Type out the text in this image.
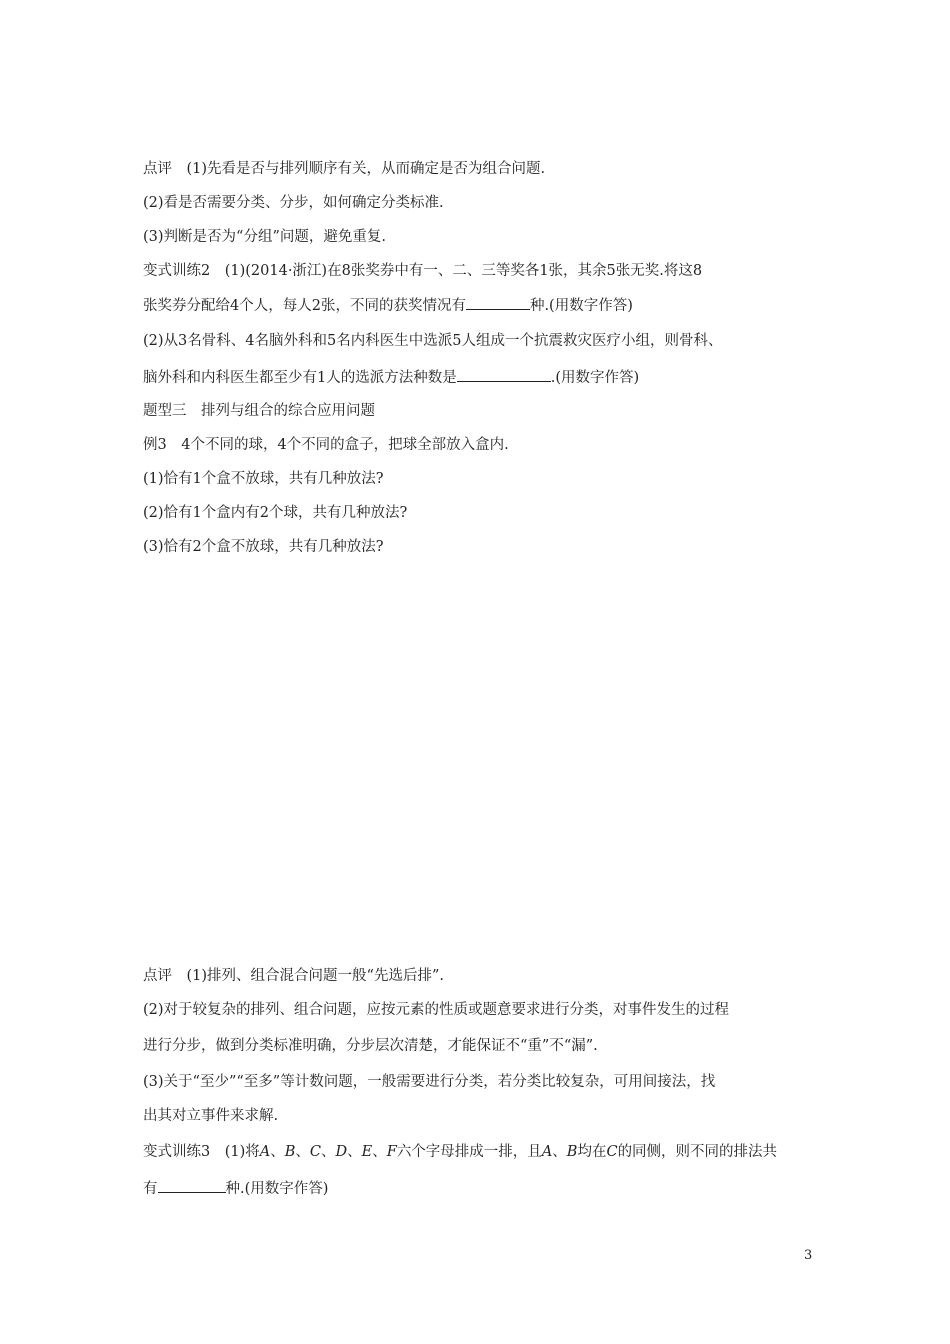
点评　(1)先看是否与排列顺序有关，从而确定是否为组合问题.
(2)看是否需要分类、分步，如何确定分类标准.
(3)判断是否为“分组”问题，避免重复.
变式训练2　(1)(2014·浙江)在8张奖券中有一、二、三等奖各1张，其余5张无奖.将这8
张奖券分配给4个人，每人2张，不同的获奖情况有	种.(用数字作答)
(2)从3名骨科、4名脑外科和5名内科医生中选派5人组成一个抗震救灾医疗小组，则骨科、
脑外科和内科医生都至少有1人的选派方法种数是	.(用数字作答)
题型三　排列与组合的综合应用问题
例3　4个不同的球，4个不同的盒子，把球全部放入盒内.
(1)恰有1个盒不放球，共有几种放法?
(2)恰有1个盒内有2个球，共有几种放法?
(3)恰有2个盒不放球，共有几种放法?
点评　(1)排列、组合混合问题一般“先选后排”.
(2)对于较复杂的排列、组合问题，应按元素的性质或题意要求进行分类，对事件发生的过程
进行分步，做到分类标准明确，分步层次清楚，才能保证不“重”不“漏”.
(3)关于“至少”“至多”等计数问题，一般需要进行分类，若分类比较复杂，可用间接法，找
出其对立事件来求解.
变式训练3　(1)将A、B、C、D、E、F六个字母排成一排，且A、B均在C的同侧，则不同的排法共
有	种.(用数字作答)
3
